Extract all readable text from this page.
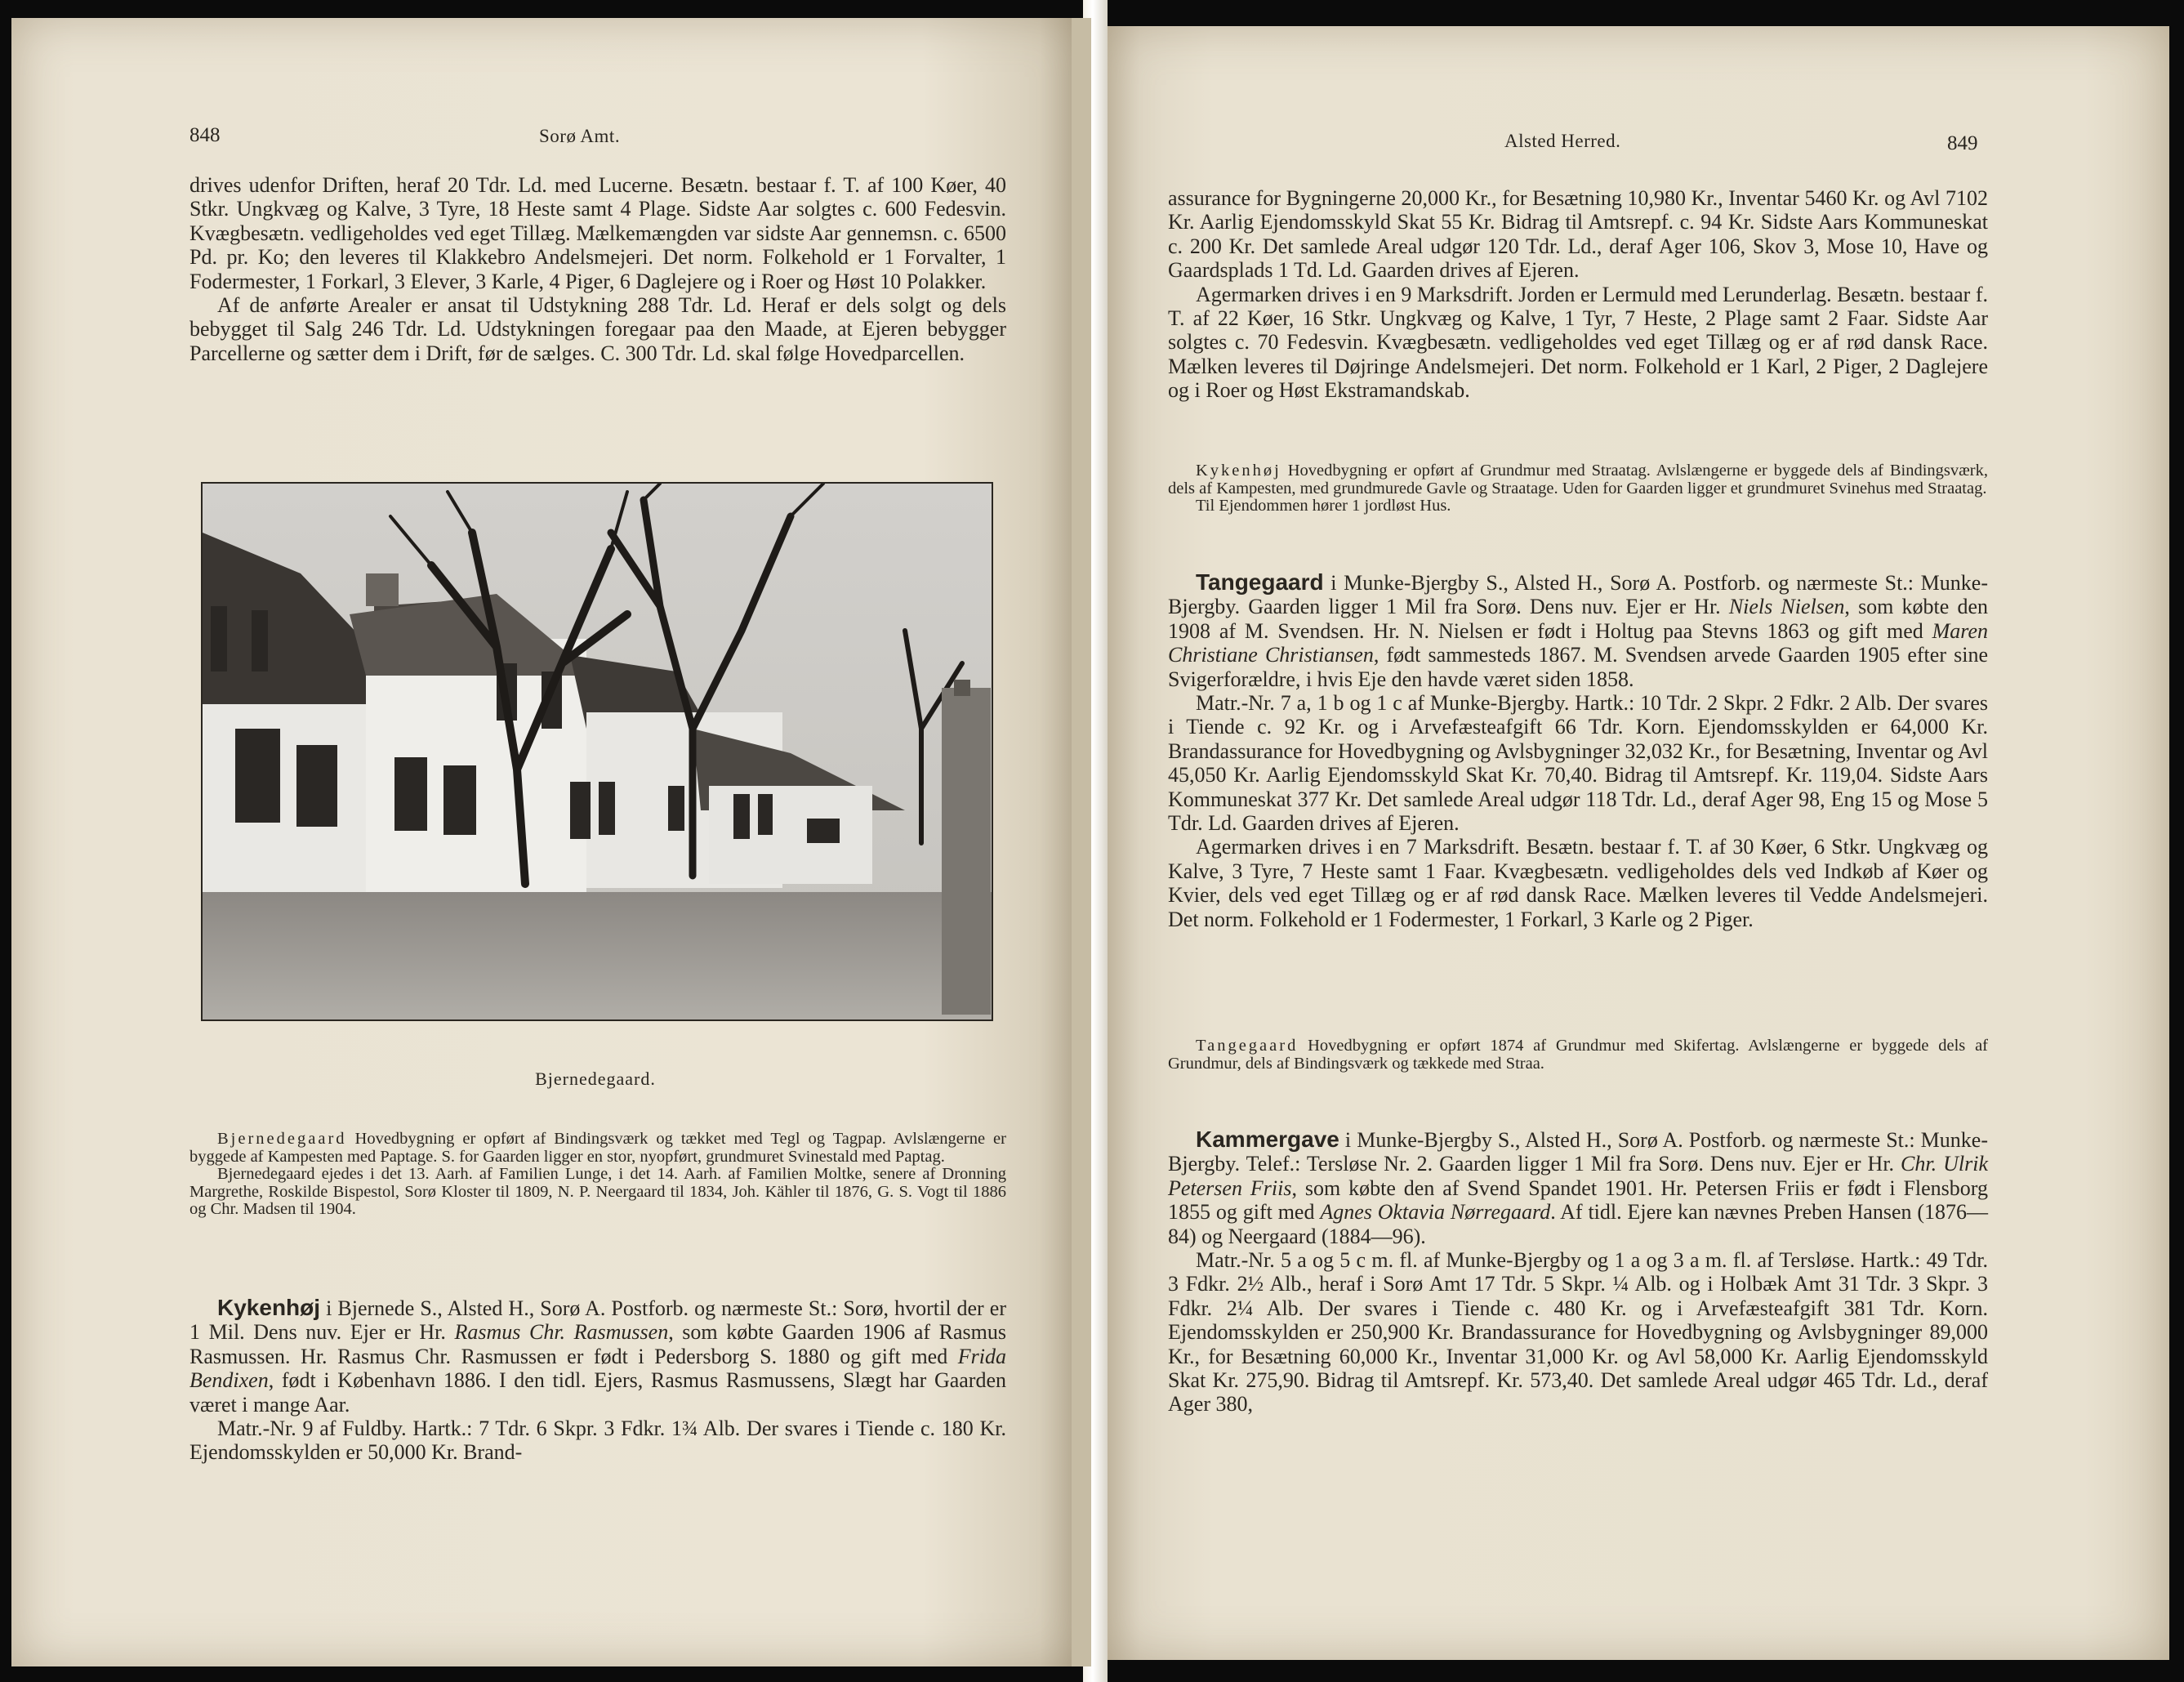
848	Sorø Amt.

drives udenfor Driften, heraf 20 Tdr. Ld. med Lucerne. Besætn. bestaar f. T. af 100 Køer, 40 Stkr. Ungkvæg og Kalve, 3 Tyre, 18 Heste samt 4 Plage. Sidste Aar solgtes c. 600 Fedesvin. Kvægbesætn. vedligeholdes ved eget Tillæg. Mælkemængden var sidste Aar gennemsn. c. 6500 Pd. pr. Ko; den leveres til Klakkebro Andelsmejeri. Det norm. Folkehold er 1 Forvalter, 1 Fodermester, 1 Forkarl, 3 Elever, 3 Karle, 4 Piger, 6 Daglejere og i Roer og Høst 10 Polakker.

Af de anførte Arealer er ansat til Udstykning 288 Tdr. Ld. Heraf er dels solgt og dels bebygget til Salg 246 Tdr. Ld. Udstykningen foregaar paa den Maade, at Ejeren bebygger Parcellerne og sætter dem i Drift, før de sælges. C. 300 Tdr. Ld. skal følge Hovedparcellen.

Bjernedegaard.

Bjernedegaard Hovedbygning er opført af Bindingsværk og tækket med Tegl og Tagpap. Avlslængerne er byggede af Kampesten med Paptage. S. for Gaarden ligger en stor, nyopført, grundmuret Svinestald med Paptag.

Bjernedegaard ejedes i det 13. Aarh. af Familien Lunge, i det 14. Aarh. af Familien Moltke, senere af Dronning Margrethe, Roskilde Bispestol, Sorø Kloster til 1809, N. P. Neergaard til 1834, Joh. Kähler til 1876, G. S. Vogt til 1886 og Chr. Madsen til 1904.

Kykenhøj i Bjernede S., Alsted H., Sorø A. Postforb. og nærmeste St.: Sorø, hvortil der er 1 Mil. Dens nuv. Ejer er Hr. Rasmus Chr. Rasmussen, som købte Gaarden 1906 af Rasmus Rasmussen. Hr. Rasmus Chr. Rasmussen er født i Pedersborg S. 1880 og gift med Frida Bendixen, født i København 1886. I den tidl. Ejers, Rasmus Rasmussens, Slægt har Gaarden været i mange Aar.

Matr.-Nr. 9 af Fuldby. Hartk.: 7 Tdr. 6 Skpr. 3 Fdkr. 1¾ Alb. Der svares i Tiende c. 180 Kr. Ejendomsskylden er 50,000 Kr. Brand-

Alsted Herred.	849

assurance for Bygningerne 20,000 Kr., for Besætning 10,980 Kr., Inventar 5460 Kr. og Avl 7102 Kr. Aarlig Ejendomsskyld Skat 55 Kr. Bidrag til Amtsrepf. c. 94 Kr. Sidste Aars Kommuneskat c. 200 Kr. Det samlede Areal udgør 120 Tdr. Ld., deraf Ager 106, Skov 3, Mose 10, Have og Gaardsplads 1 Td. Ld. Gaarden drives af Ejeren.

Agermarken drives i en 9 Marksdrift. Jorden er Lermuld med Lerunderlag. Besætn. bestaar f. T. af 22 Køer, 16 Stkr. Ungkvæg og Kalve, 1 Tyr, 7 Heste, 2 Plage samt 2 Faar. Sidste Aar solgtes c. 70 Fedesvin. Kvægbesætn. vedligeholdes ved eget Tillæg og er af rød dansk Race. Mælken leveres til Døjringe Andelsmejeri. Det norm. Folkehold er 1 Karl, 2 Piger, 2 Daglejere og i Roer og Høst Ekstramandskab.

Kykenhøj Hovedbygning er opført af Grundmur med Straatag. Avlslængerne er byggede dels af Bindingsværk, dels af Kampesten, med grundmurede Gavle og Straatage. Uden for Gaarden ligger et grundmuret Svinehus med Straatag.

Til Ejendommen hører 1 jordløst Hus.

Tangegaard i Munke-Bjergby S., Alsted H., Sorø A. Postforb. og nærmeste St.: Munke-Bjergby. Gaarden ligger 1 Mil fra Sorø. Dens nuv. Ejer er Hr. Niels Nielsen, som købte den 1908 af M. Svendsen. Hr. N. Nielsen er født i Holtug paa Stevns 1863 og gift med Maren Christiane Christiansen, født sammesteds 1867. M. Svendsen arvede Gaarden 1905 efter sine Svigerforældre, i hvis Eje den havde været siden 1858.

Matr.-Nr. 7 a, 1 b og 1 c af Munke-Bjergby. Hartk.: 10 Tdr. 2 Skpr. 2 Fdkr. 2 Alb. Der svares i Tiende c. 92 Kr. og i Arvefæsteafgift 66 Tdr. Korn. Ejendomsskylden er 64,000 Kr. Brandassurance for Hovedbygning og Avlsbygninger 32,032 Kr., for Besætning, Inventar og Avl 45,050 Kr. Aarlig Ejendomsskyld Skat Kr. 70,40. Bidrag til Amtsrepf. Kr. 119,04. Sidste Aars Kommuneskat 377 Kr. Det samlede Areal udgør 118 Tdr. Ld., deraf Ager 98, Eng 15 og Mose 5 Tdr. Ld. Gaarden drives af Ejeren.

Agermarken drives i en 7 Marksdrift. Besætn. bestaar f. T. af 30 Køer, 6 Stkr. Ungkvæg og Kalve, 3 Tyre, 7 Heste samt 1 Faar. Kvægbesætn. vedligeholdes dels ved Indkøb af Køer og Kvier, dels ved eget Tillæg og er af rød dansk Race. Mælken leveres til Vedde Andelsmejeri. Det norm. Folkehold er 1 Fodermester, 1 Forkarl, 3 Karle og 2 Piger.

Tangegaard Hovedbygning er opført 1874 af Grundmur med Skifertag. Avlslængerne er byggede dels af Grundmur, dels af Bindingsværk og tækkede med Straa.

Kammergave i Munke-Bjergby S., Alsted H., Sorø A. Postforb. og nærmeste St.: Munke-Bjergby. Telef.: Tersløse Nr. 2. Gaarden ligger 1 Mil fra Sorø. Dens nuv. Ejer er Hr. Chr. Ulrik Petersen Friis, som købte den af Svend Spandet 1901. Hr. Petersen Friis er født i Flensborg 1855 og gift med Agnes Oktavia Nørregaard. Af tidl. Ejere kan nævnes Preben Hansen (1876—84) og Neergaard (1884—96).

Matr.-Nr. 5 a og 5 c m. fl. af Munke-Bjergby og 1 a og 3 a m. fl. af Tersløse. Hartk.: 49 Tdr. 3 Fdkr. 2½ Alb., heraf i Sorø Amt 17 Tdr. 5 Skpr. ¼ Alb. og i Holbæk Amt 31 Tdr. 3 Skpr. 3 Fdkr. 2¼ Alb. Der svares i Tiende c. 480 Kr. og i Arvefæsteafgift 381 Tdr. Korn. Ejendomsskylden er 250,900 Kr. Brandassurance for Hovedbygning og Avlsbygninger 89,000 Kr., for Besætning 60,000 Kr., Inventar 31,000 Kr. og Avl 58,000 Kr. Aarlig Ejendomsskyld Skat Kr. 275,90. Bidrag til Amtsrepf. Kr. 573,40. Det samlede Areal udgør 465 Tdr. Ld., deraf Ager 380,
